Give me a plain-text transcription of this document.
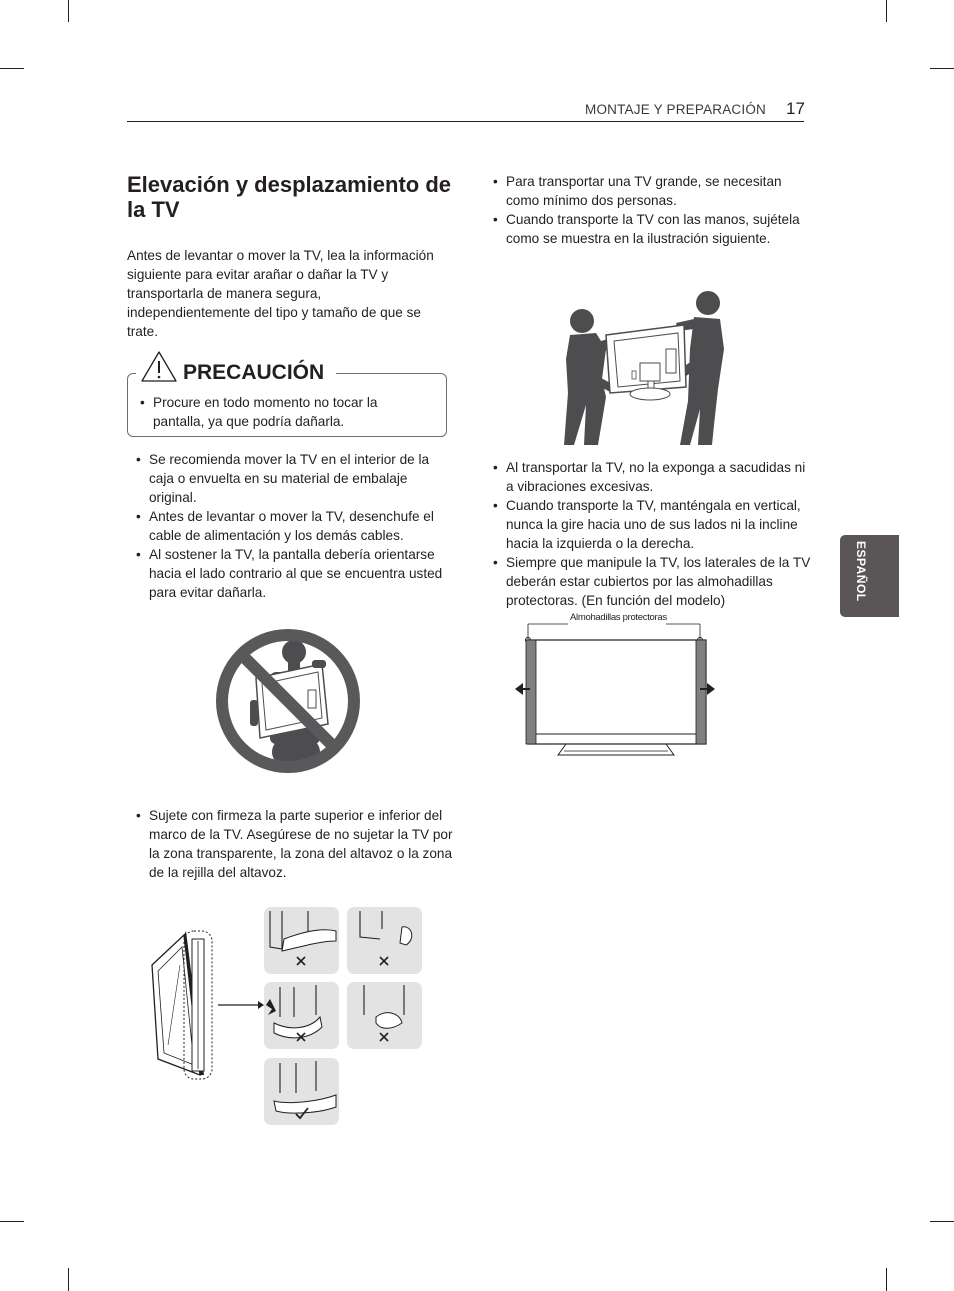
MONTAJE Y PREPARACIÓN 17
ESPAÑOL
Elevación y desplazamiento de la TV

Antes de levantar o mover la TV, lea la información siguiente para evitar arañar o dañar la TV y transportarla de manera segura, independientemente del tipo y tamaño de que se trate.

PRECAUCIÓN
• Procure en todo momento no tocar la pantalla, ya que podría dañarla.
• Se recomienda mover la TV en el interior de la caja o envuelta en su material de embalaje original.
• Antes de levantar o mover la TV, desenchufe el cable de alimentación y los demás cables.
• Al sostener la TV, la pantalla debería orientarse hacia el lado contrario al que se encuentra usted para evitar dañarla.
• Sujete con firmeza la parte superior e inferior del marco de la TV. Asegúrese de no sujetar la TV por la zona transparente, la zona del altavoz o la zona de la rejilla del altavoz.
• Para transportar una TV grande, se necesitan como mínimo dos personas.
• Cuando transporte la TV con las manos, sujétela como se muestra en la ilustración siguiente.
• Al transportar la TV, no la exponga a sacudidas ni a vibraciones excesivas.
• Cuando transporte la TV, manténgala en vertical, nunca la gire hacia uno de sus lados ni la incline hacia la izquierda o la derecha.
• Siempre que manipule la TV, los laterales de la TV deberán estar cubiertos por las almohadillas protectoras. (En función del modelo)
Almohadillas protectoras
